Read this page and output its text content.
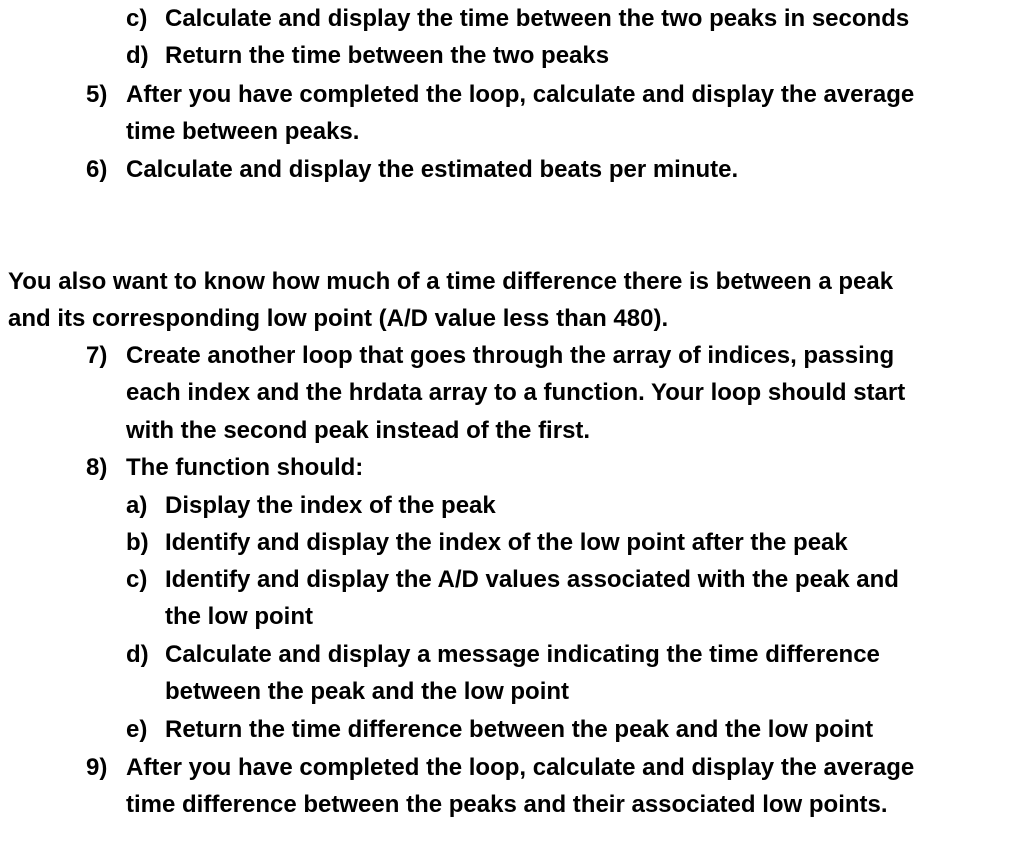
c) Calculate and display the time between the two peaks in seconds
d) Return the time between the two peaks
5) After you have completed the loop, calculate and display the average
time between peaks.
6) Calculate and display the estimated beats per minute.
You also want to know how much of a time difference there is between a peak
and its corresponding low point (A/D value less than 480).
7) Create another loop that goes through the array of indices, passing
each index and the hrdata array to a function. Your loop should start
with the second peak instead of the first.
8) The function should:
a) Display the index of the peak
b) Identify and display the index of the low point after the peak
c) Identify and display the A/D values associated with the peak and
the low point
d) Calculate and display a message indicating the time difference
between the peak and the low point
e) Return the time difference between the peak and the low point
9) After you have completed the loop, calculate and display the average
time difference between the peaks and their associated low points.
